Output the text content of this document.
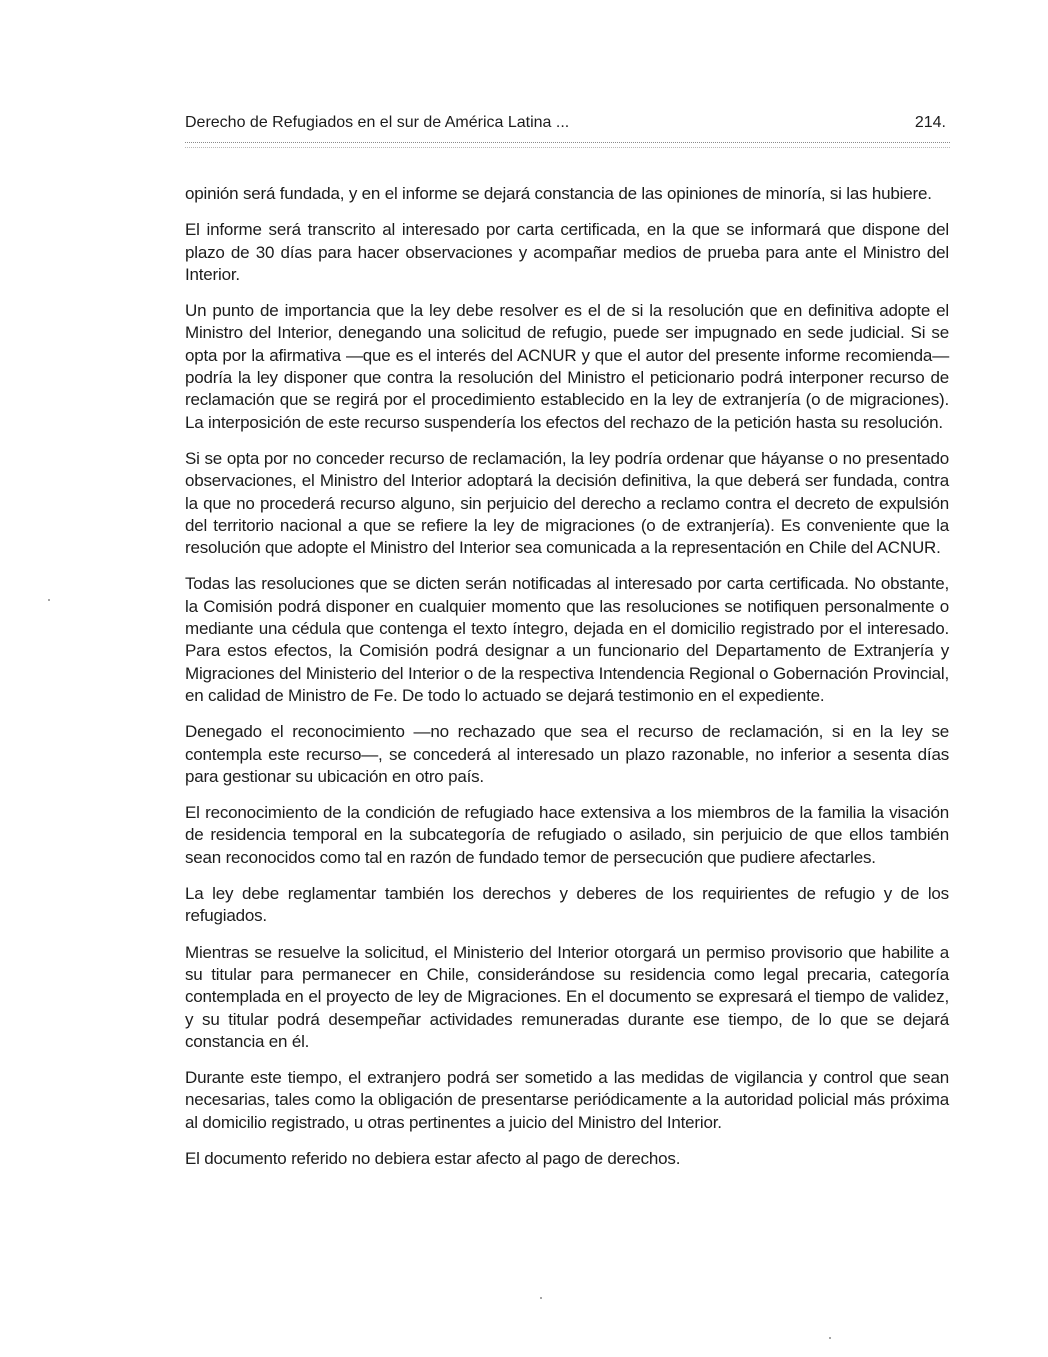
Derecho de Refugiados en el sur de América Latina ...	214.

opinión será fundada, y en el informe se dejará constancia de las opiniones de minoría, si las hubiere.

El informe será transcrito al interesado por carta certificada, en la que se informará que dispone del plazo de 30 días para hacer observaciones y acompañar medios de prueba para ante el Ministro del Interior.

Un punto de importancia que la ley debe resolver es el de si la resolución que en definitiva adopte el Ministro del Interior, denegando una solicitud de refugio, puede ser impugnado en sede judicial. Si se opta por la afirmativa —que es el interés del ACNUR y que el autor del presente informe recomienda— podría la ley disponer que contra la resolución del Ministro el peticionario podrá interponer recurso de reclamación que se regirá por el procedimiento establecido en la ley de extranjería (o de migraciones). La interposición de este recurso suspendería los efectos del rechazo de la petición hasta su resolución.

Si se opta por no conceder recurso de reclamación, la ley podría ordenar que háyanse o no presentado observaciones, el Ministro del Interior adoptará la decisión definitiva, la que deberá ser fundada, contra la que no procederá recurso alguno, sin perjuicio del derecho a reclamo contra el decreto de expulsión del territorio nacional a que se refiere la ley de migraciones (o de extranjería). Es conveniente que la resolución que adopte el Ministro del Interior sea comunicada a la representación en Chile del ACNUR.

Todas las resoluciones que se dicten serán notificadas al interesado por carta certificada. No obstante, la Comisión podrá disponer en cualquier momento que las resoluciones se notifiquen personalmente o mediante una cédula que contenga el texto íntegro, dejada en el domicilio registrado por el interesado. Para estos efectos, la Comisión podrá designar a un funcionario del Departamento de Extranjería y Migraciones del Ministerio del Interior o de la respectiva Intendencia Regional o Gobernación Provincial, en calidad de Ministro de Fe. De todo lo actuado se dejará testimonio en el expediente.

Denegado el reconocimiento —no rechazado que sea el recurso de reclamación, si en la ley se contempla este recurso—, se concederá al interesado un plazo razonable, no inferior a sesenta días para gestionar su ubicación en otro país.

El reconocimiento de la condición de refugiado hace extensiva a los miembros de la familia la visación de residencia temporal en la subcategoría de refugiado o asilado, sin perjuicio de que ellos también sean reconocidos como tal en razón de fundado temor de persecución que pudiere afectarles.

La ley debe reglamentar también los derechos y deberes de los requirientes de refugio y de los refugiados.

Mientras se resuelve la solicitud, el Ministerio del Interior otorgará un permiso provisorio que habilite a su titular para permanecer en Chile, considerándose su residencia como legal precaria, categoría contemplada en el proyecto de ley de Migraciones. En el documento se expresará el tiempo de validez, y su titular podrá desempeñar actividades remuneradas durante ese tiempo, de lo que se dejará constancia en él.

Durante este tiempo, el extranjero podrá ser sometido a las medidas de vigilancia y control que sean necesarias, tales como la obligación de presentarse periódicamente a la autoridad policial más próxima al domicilio registrado, u otras pertinentes a juicio del Ministro del Interior.

El documento referido no debiera estar afecto al pago de derechos.
